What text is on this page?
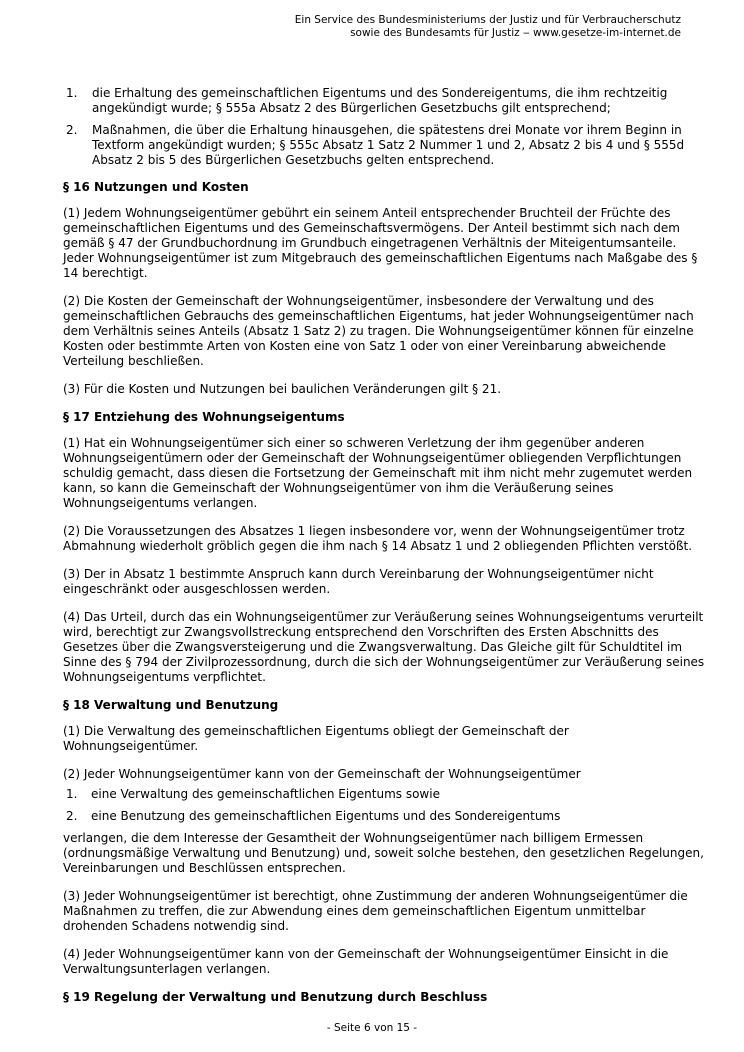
Ein Service des Bundesministeriums der Justiz und für Verbraucherschutz
sowie des Bundesamts für Justiz ‒ www.gesetze-im-internet.de
1. die Erhaltung des gemeinschaftlichen Eigentums und des Sondereigentums, die ihm rechtzeitig angekündigt wurde; § 555a Absatz 2 des Bürgerlichen Gesetzbuchs gilt entsprechend;
2. Maßnahmen, die über die Erhaltung hinausgehen, die spätestens drei Monate vor ihrem Beginn in Textform angekündigt wurden; § 555c Absatz 1 Satz 2 Nummer 1 und 2, Absatz 2 bis 4 und § 555d Absatz 2 bis 5 des Bürgerlichen Gesetzbuchs gelten entsprechend.
§ 16 Nutzungen und Kosten

(1) Jedem Wohnungseigentümer gebührt ein seinem Anteil entsprechender Bruchteil der Früchte des gemeinschaftlichen Eigentums und des Gemeinschaftsvermögens. Der Anteil bestimmt sich nach dem gemäß § 47 der Grundbuchordnung im Grundbuch eingetragenen Verhältnis der Miteigentumsanteile. Jeder Wohnungseigentümer ist zum Mitgebrauch des gemeinschaftlichen Eigentums nach Maßgabe des § 14 berechtigt.

(2) Die Kosten der Gemeinschaft der Wohnungseigentümer, insbesondere der Verwaltung und des gemeinschaftlichen Gebrauchs des gemeinschaftlichen Eigentums, hat jeder Wohnungseigentümer nach dem Verhältnis seines Anteils (Absatz 1 Satz 2) zu tragen. Die Wohnungseigentümer können für einzelne Kosten oder bestimmte Arten von Kosten eine von Satz 1 oder von einer Vereinbarung abweichende Verteilung beschließen.

(3) Für die Kosten und Nutzungen bei baulichen Veränderungen gilt § 21.

§ 17 Entziehung des Wohnungseigentums

(1) Hat ein Wohnungseigentümer sich einer so schweren Verletzung der ihm gegenüber anderen Wohnungseigentümern oder der Gemeinschaft der Wohnungseigentümer obliegenden Verpflichtungen schuldig gemacht, dass diesen die Fortsetzung der Gemeinschaft mit ihm nicht mehr zugemutet werden kann, so kann die Gemeinschaft der Wohnungseigentümer von ihm die Veräußerung seines Wohnungseigentums verlangen.

(2) Die Voraussetzungen des Absatzes 1 liegen insbesondere vor, wenn der Wohnungseigentümer trotz Abmahnung wiederholt gröblich gegen die ihm nach § 14 Absatz 1 und 2 obliegenden Pflichten verstößt.

(3) Der in Absatz 1 bestimmte Anspruch kann durch Vereinbarung der Wohnungseigentümer nicht eingeschränkt oder ausgeschlossen werden.

(4) Das Urteil, durch das ein Wohnungseigentümer zur Veräußerung seines Wohnungseigentums verurteilt wird, berechtigt zur Zwangsvollstreckung entsprechend den Vorschriften des Ersten Abschnitts des Gesetzes über die Zwangsversteigerung und die Zwangsverwaltung. Das Gleiche gilt für Schuldtitel im Sinne des § 794 der Zivilprozessordnung, durch die sich der Wohnungseigentümer zur Veräußerung seines Wohnungseigentums verpflichtet.

§ 18 Verwaltung und Benutzung

(1) Die Verwaltung des gemeinschaftlichen Eigentums obliegt der Gemeinschaft der Wohnungseigentümer.

(2) Jeder Wohnungseigentümer kann von der Gemeinschaft der Wohnungseigentümer

1. eine Verwaltung des gemeinschaftlichen Eigentums sowie
2. eine Benutzung des gemeinschaftlichen Eigentums und des Sondereigentums

verlangen, die dem Interesse der Gesamtheit der Wohnungseigentümer nach billigem Ermessen (ordnungsmäßige Verwaltung und Benutzung) und, soweit solche bestehen, den gesetzlichen Regelungen, Vereinbarungen und Beschlüssen entsprechen.

(3) Jeder Wohnungseigentümer ist berechtigt, ohne Zustimmung der anderen Wohnungseigentümer die Maßnahmen zu treffen, die zur Abwendung eines dem gemeinschaftlichen Eigentum unmittelbar drohenden Schadens notwendig sind.

(4) Jeder Wohnungseigentümer kann von der Gemeinschaft der Wohnungseigentümer Einsicht in die Verwaltungsunterlagen verlangen.

§ 19 Regelung der Verwaltung und Benutzung durch Beschluss
- Seite 6 von 15 -
